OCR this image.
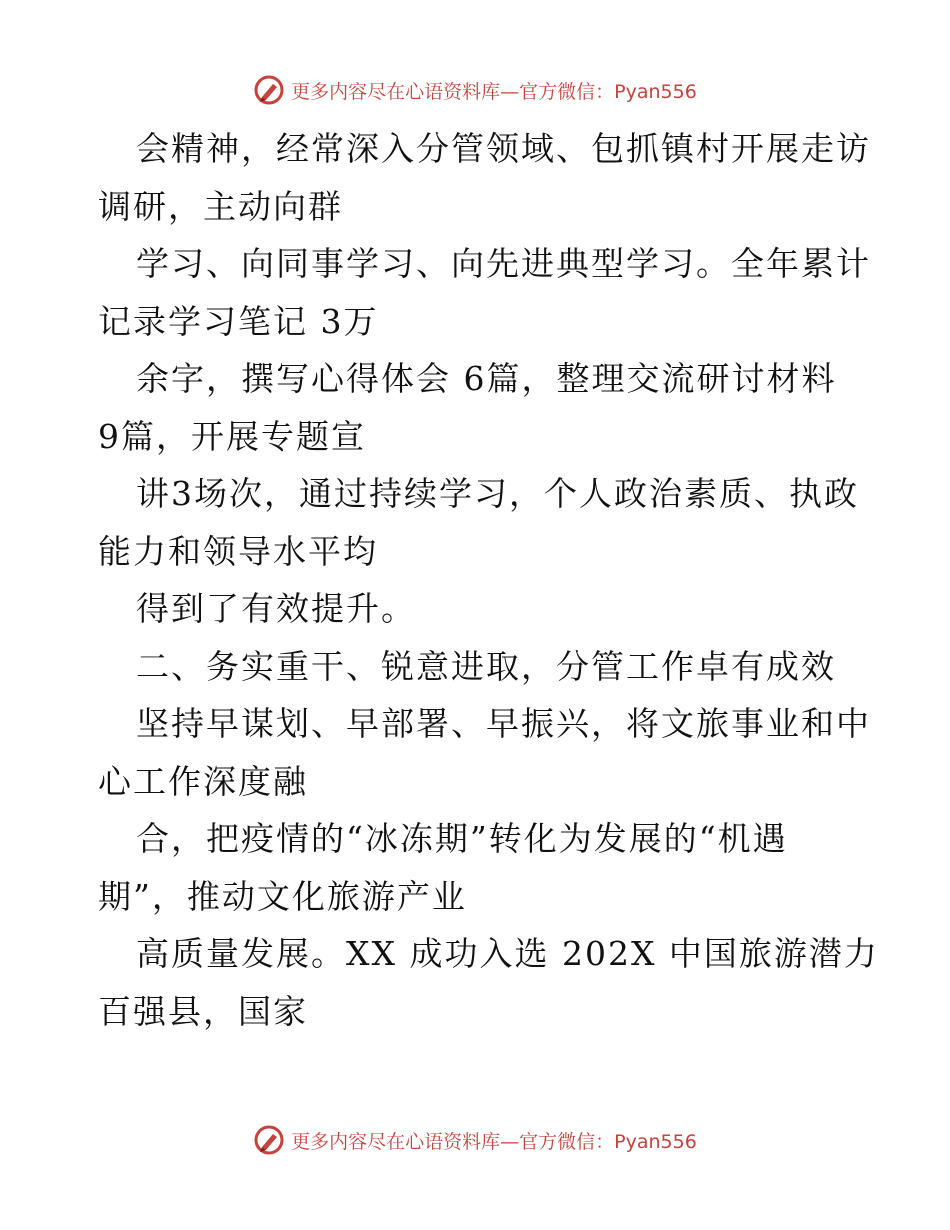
更多内容尽在心语资料库— 官方微信：Pyan556
会精神，经常深入分管领域、包抓镇村开展走访
调研，主动向群
学习、向同事学习、向先进典型学习。全年累计
记录学习笔记 3万
余字，撰写心得体会 6篇，整理交流研讨材料
9篇，开展专题宣
讲3场次，通过持续学习，个人政治素质、执政
能力和领导水平均
得到了有效提升。
二、务实重干、锐意进取，分管工作卓有成效
坚持早谋划、早部署、早振兴，将文旅事业和中
心工作深度融
合，把疫情的“冰冻期”转化为发展的“机遇
期”，推动文化旅游产业
高质量发展。XX 成功入选 202X 中国旅游潜力
百强县，国家
更多内容尽在心语资料库— 官方微信：Pyan556
